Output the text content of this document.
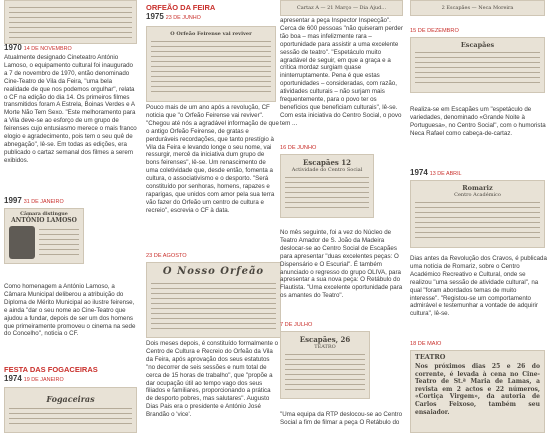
1970 14 DE NOVEMBRO

Atualmente designado Cineteatro António Lamoso, o equipamento cultural foi inaugurado a 7 de novembro de 1970, então denominado Cine-Teatro de Vila da Feira, "uma bela realidade de que nos podemos orgulhar", relata o CF na edição do dia 14. Os primeiros filmes transmitidos foram A Estrela, Boinas Verdes e A Morte Não Tem Sexo. "Este melhoramento para a Vila deve-se ao esforço de um grupo de feirenses cujo entusiasmo merece o mais franco elogio e agradecimento, pois tem o seu quê de abnegação", lê-se. Em todas as edições, era publicado o cartaz semanal dos filmes a serem exibidos.

1997 31 DE JANEIRO
Câmara distingue
ANTÓNIO LAMOSO

Como homenagem a António Lamoso, a Câmara Municipal deliberou a atribuição do Diploma de Mérito Municipal ao ilustre feirense, e ainda "dar o seu nome ao Cine-Teatro que ajudou a fundar, depois de ser um dos homens que primeiramente promoveu o cinema na sede do Concelho", noticia o CF.

FESTA DAS FOGACEIRAS
1974 19 DE JANEIRO
Fogaceiras
ORFEÃO DA FEIRA
1975 23 DE JUNHO
O Orfeão Feirense vai reviver

Pouco mais de um ano após a revolução, CF noticia que "o Orfeão Feirense vai reviver". "Chegou até nós a agradável informação de que o antigo Orfeão Feirense, de gratas e perduráveis recordações, que tanto prestígio à Vila da Feira e levando longe o seu nome, vai ressurgir, mercê da iniciativa dum grupo de bons feirenses", lê-se. Um renascimento de uma coletividade que, desde então, fomenta a cultura, o associativismo e o desporto. "Será constituído por senhoras, homens, rapazes e raparigas, que unidos com amor pela sua terra vão fazer do Orfeão um centro de cultura e recreio", escrevia o CF à data.

23 DE AGOSTO
O Nosso Orfeão

Dois meses depois, é constituído formalmente o Centro de Cultura e Recreio do Orfeão da Vila da Feira, após aprovação dos seus estatutos "no decorrer de seis sessões e num total de cerca de 15 horas de trabalho", que "propõe a dar ocupação útil ao tempo vago dos seus filiados e familiares, proporcionando a prática de desporto pobres, mas salutares". Augusto Dias Pais era o presidente e António José Brandão o 'vice'.

Cartaz A — 21 Março — Dia Ajud...

apresentar a peça Inspector Inspecção". Cerca de 600 pessoas "não quiseram perder tão boa – mas infelizmente rara – oportunidade para assistir a uma excelente sessão de teatro". "Espetáculo muito agradável de seguir, em que a graça e a crítica mordaz surgiam quase ininterruptamente. Pena é que estas oportunidades – consideradas, com razão, atividades culturais – não surjam mais frequentemente, para o povo ter os benefícios que beneficiam culturais", lê-se. Com esta iniciativa do Centro Social, o povo tem ...

16 DE JUNHO
Escapães 12
Actividade do Centro Social

No mês seguinte, foi a vez do Núcleo de Teatro Amador de S. João da Madeira deslocar-se ao Centro Social de Escapães para apresentar "duas excelentes peças: O Dispensário e O Escurial". É também anunciado o regresso do grupo OLIVA, para apresentar a sua nova peça: O Retábulo do Flautista. "Uma excelente oportunidade para os amantes do Teatro".

7 DE JULHO
Escapães, 26
TEATRO

"Uma equipa da RTP deslocou-se ao Centro Social a fim de filmar a peça O Retábulo do

2 Escapães — Neca Moreira
15 DE DEZEMBRO
Escapães

Realiza-se em Escapães um "espetáculo de variedades, denominado «Grande Noite à Portuguesa», no Centro Social", com o humorista Neca Rafael como cabeça-de-cartaz.

1974 13 DE ABRIL
Romariz
Centro Académico

Dias antes da Revolução dos Cravos, é publicada uma notícia de Romariz, sobre o Centro Académico Recreativo e Cultural, onde se realizou "uma sessão de atividade cultural", na qual "foram abordados temas de muito interesse". "Registou-se um comportamento admirável e testemunhar a vontade de adquirir cultura", lê-se.

18 DE MAIO
TEATRO
Nos próximos dias 25 e 26 do corrente, é levada à cena no Cine-Teatro de St.ª Maria de Lamas, a revista em 2 actos e 22 números, «Cortiça Virgem», da autoria de Carlos Feixoso, também seu ensaiador.
